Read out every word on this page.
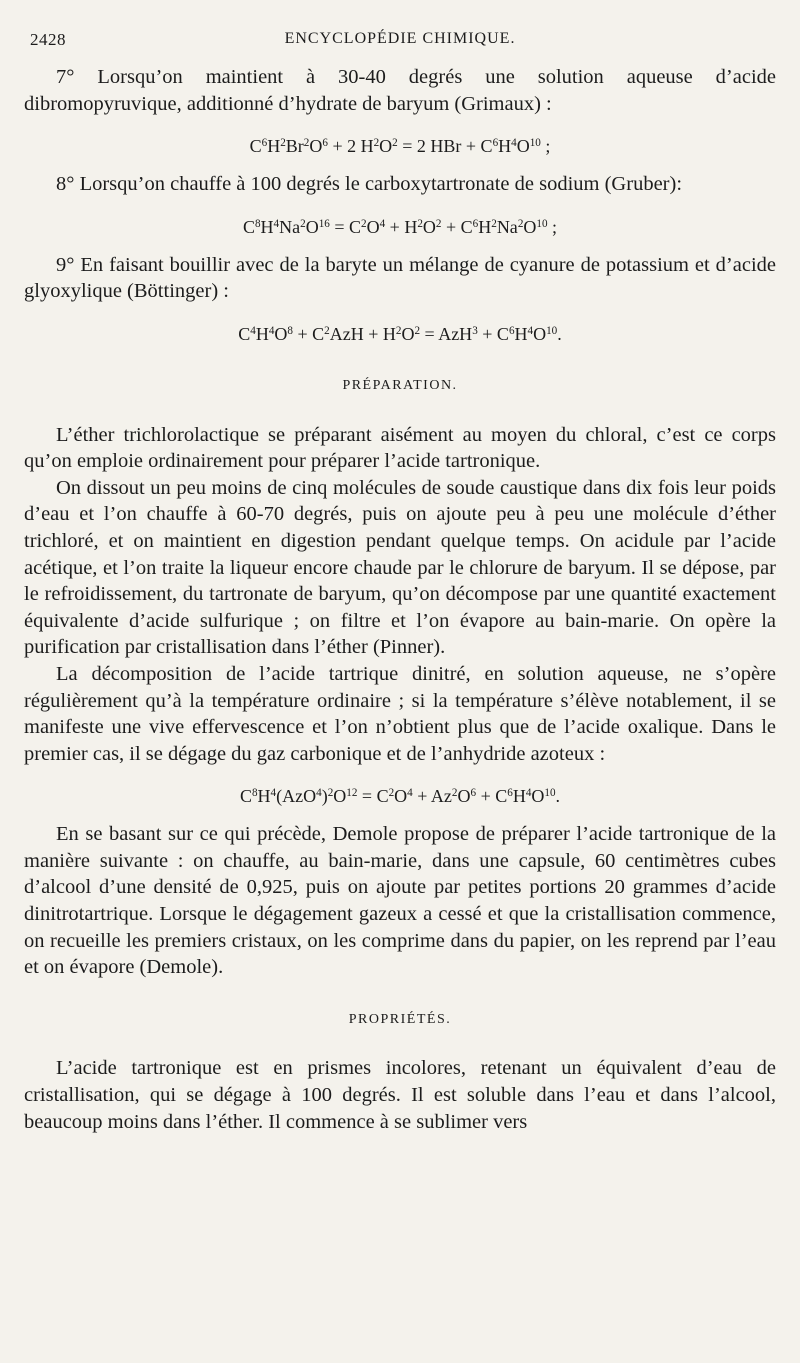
2428	ENCYCLOPÉDIE CHIMIQUE.

7° Lorsqu’on maintient à 30-40 degrés une solution aqueuse d’acide dibromopyruvique, additionné d’hydrate de baryum (Grimaux) :

$C^6H^2Br^2O^6 + 2$ $H^2O^2 = 2$ HBr + $C^6H^4O^{10}$ ;

8° Lorsqu’on chauffe à 100 degrés le carboxytartronate de sodium (Gruber):

$C^8H^4Na^2O^{16} = C^2O^4 + H^2O^2 + C^6H^2Na^2O^{10}$ ;

9° En faisant bouillir avec de la baryte un mélange de cyanure de potassium et d’acide glyoxylique (Böttinger) :

$C^4H^4O^8 + C^2AzH + H^2O^2 = AzH^3 + C^6H^4O^{10}$.
PRÉPARATION.

L’éther trichlorolactique se préparant aisément au moyen du chloral, c’est ce corps qu’on emploie ordinairement pour préparer l’acide tartronique.

On dissout un peu moins de cinq molécules de soude caustique dans dix fois leur poids d’eau et l’on chauffe à 60-70 degrés, puis on ajoute peu à peu une molécule d’éther trichloré, et on maintient en digestion pendant quelque temps. On acidule par l’acide acétique, et l’on traite la liqueur encore chaude par le chlorure de baryum. Il se dépose, par le refroidissement, du tartronate de baryum, qu’on décompose par une quantité exactement équivalente d’acide sulfurique ; on filtre et l’on évapore au bain-marie. On opère la purification par cristallisation dans l’éther (Pinner).

La décomposition de l’acide tartrique dinitré, en solution aqueuse, ne s’opère régulièrement qu’à la température ordinaire ; si la température s’élève notablement, il se manifeste une vive effervescence et l’on n’obtient plus que de l’acide oxalique. Dans le premier cas, il se dégage du gaz carbonique et de l’anhydride azoteux :

$C^8H^4(AzO^4)^2O^{12} = C^2O^4 + Az^2O^6 + C^6H^4O^{10}$.

En se basant sur ce qui précède, Demole propose de préparer l’acide tartronique de la manière suivante : on chauffe, au bain-marie, dans une capsule, 60 centimètres cubes d’alcool d’une densité de 0,925, puis on ajoute par petites portions 20 grammes d’acide dinitrotartrique. Lorsque le dégagement gazeux a cessé et que la cristallisation commence, on recueille les premiers cristaux, on les comprime dans du papier, on les reprend par l’eau et on évapore (Demole).

PROPRIÉTÉS.

L’acide tartronique est en prismes incolores, retenant un équivalent d’eau de cristallisation, qui se dégage à 100 degrés. Il est soluble dans l’eau et dans l’alcool, beaucoup moins dans l’éther. Il commence à se sublimer vers
